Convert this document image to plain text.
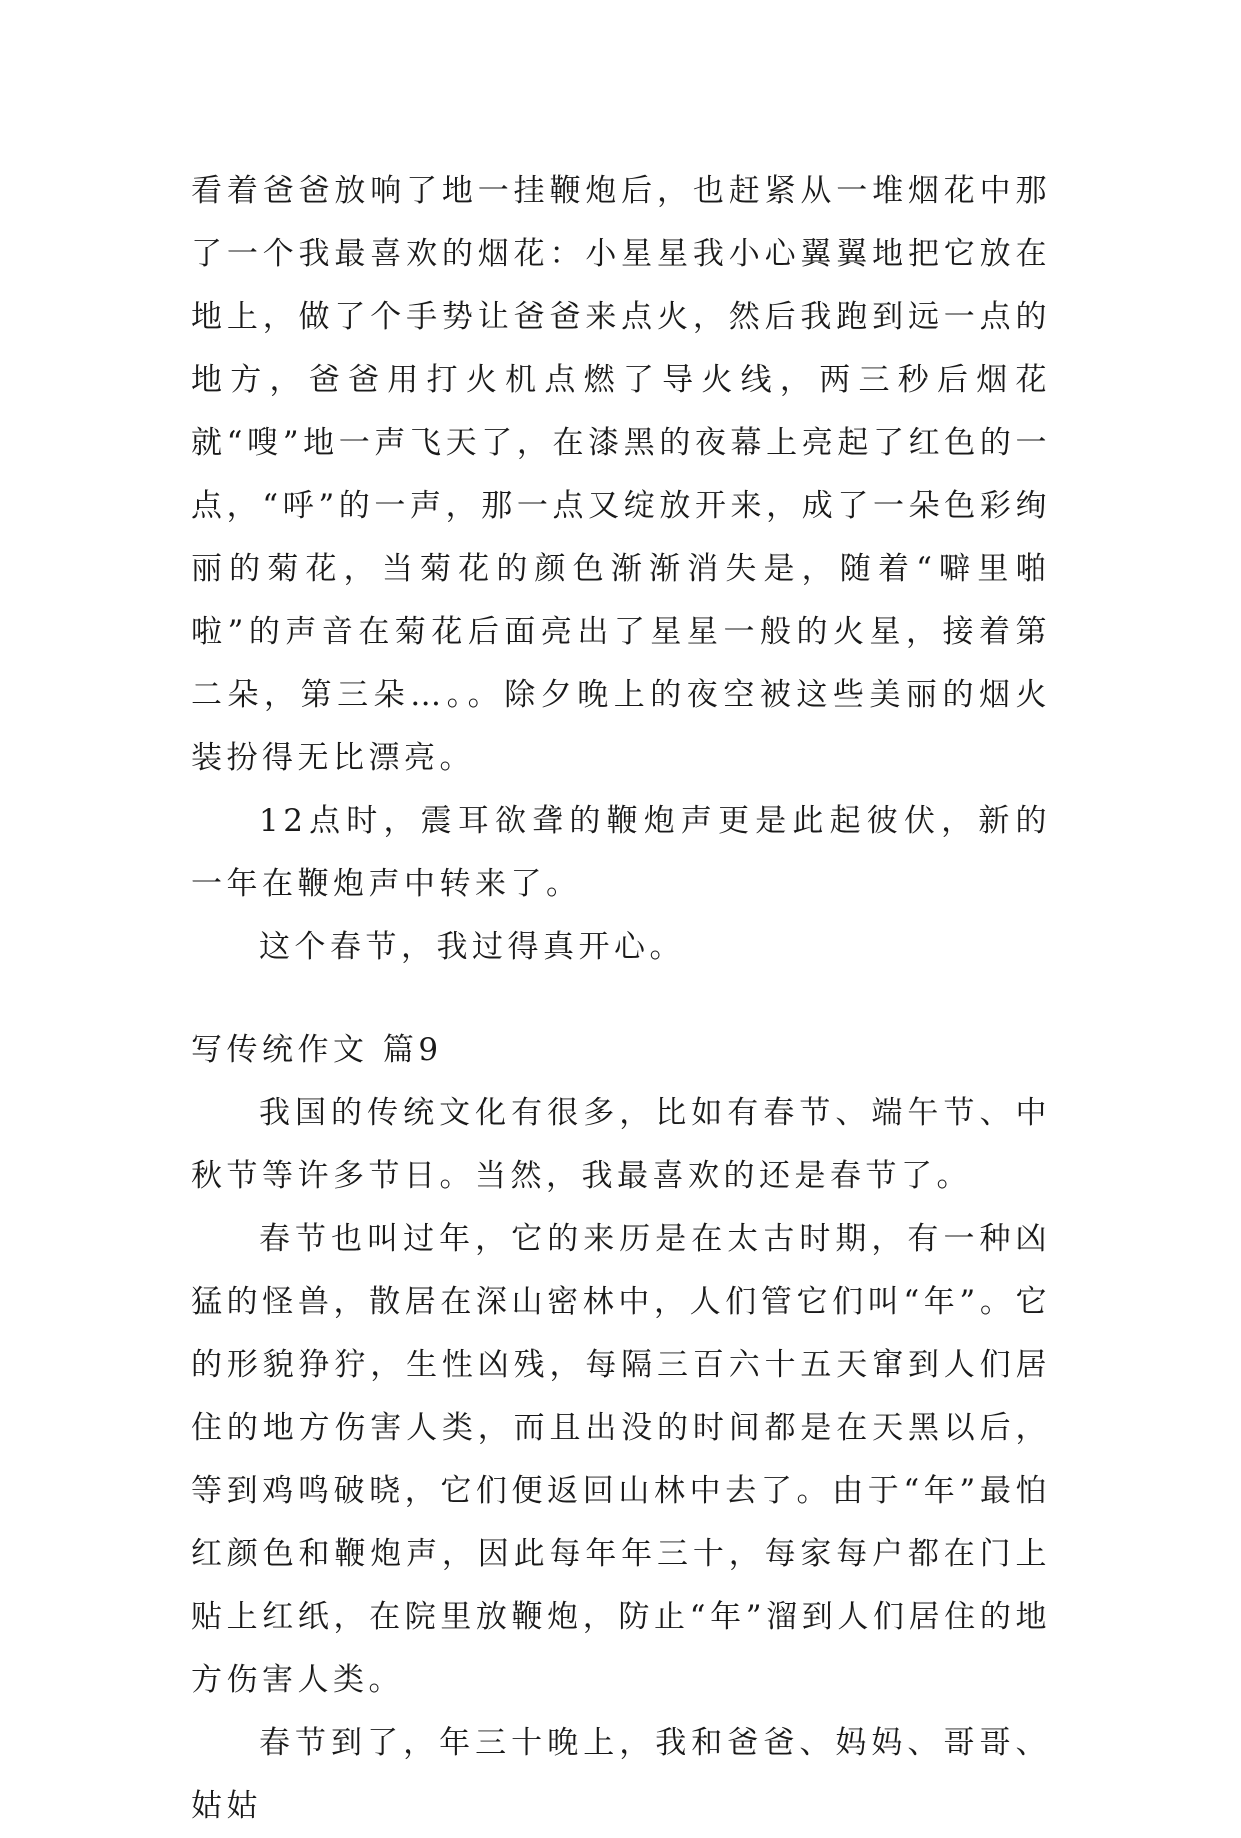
看着爸爸放响了地一挂鞭炮后，也赶紧从一堆烟花中那了一个我最喜欢的烟花：小星星我小心翼翼地把它放在地上，做了个手势让爸爸来点火，然后我跑到远一点的地方，爸爸用打火机点燃了导火线，两三秒后烟花就“嗖”地一声飞天了，在漆黑的夜幕上亮起了红色的一点，“呼”的一声，那一点又绽放开来，成了一朵色彩绚丽的菊花，当菊花的颜色渐渐消失是，随着“噼里啪啦”的声音在菊花后面亮出了星星一般的火星，接着第二朵，第三朵…。。除夕晚上的夜空被这些美丽的烟火装扮得无比漂亮。

12点时，震耳欲聋的鞭炮声更是此起彼伏，新的一年在鞭炮声中转来了。

这个春节，我过得真开心。

写传统作文 篇9

我国的传统文化有很多，比如有春节、端午节、中秋节等许多节日。当然，我最喜欢的还是春节了。

春节也叫过年，它的来历是在太古时期，有一种凶猛的怪兽，散居在深山密林中，人们管它们叫“年”。它的形貌狰狞，生性凶残，每隔三百六十五天窜到人们居住的地方伤害人类，而且出没的时间都是在天黑以后，等到鸡鸣破晓，它们便返回山林中去了。由于“年”最怕红颜色和鞭炮声，因此每年年三十，每家每户都在门上贴上红纸，在院里放鞭炮，防止“年”溜到人们居住的地方伤害人类。

春节到了，年三十晚上，我和爸爸、妈妈、哥哥、姑姑
